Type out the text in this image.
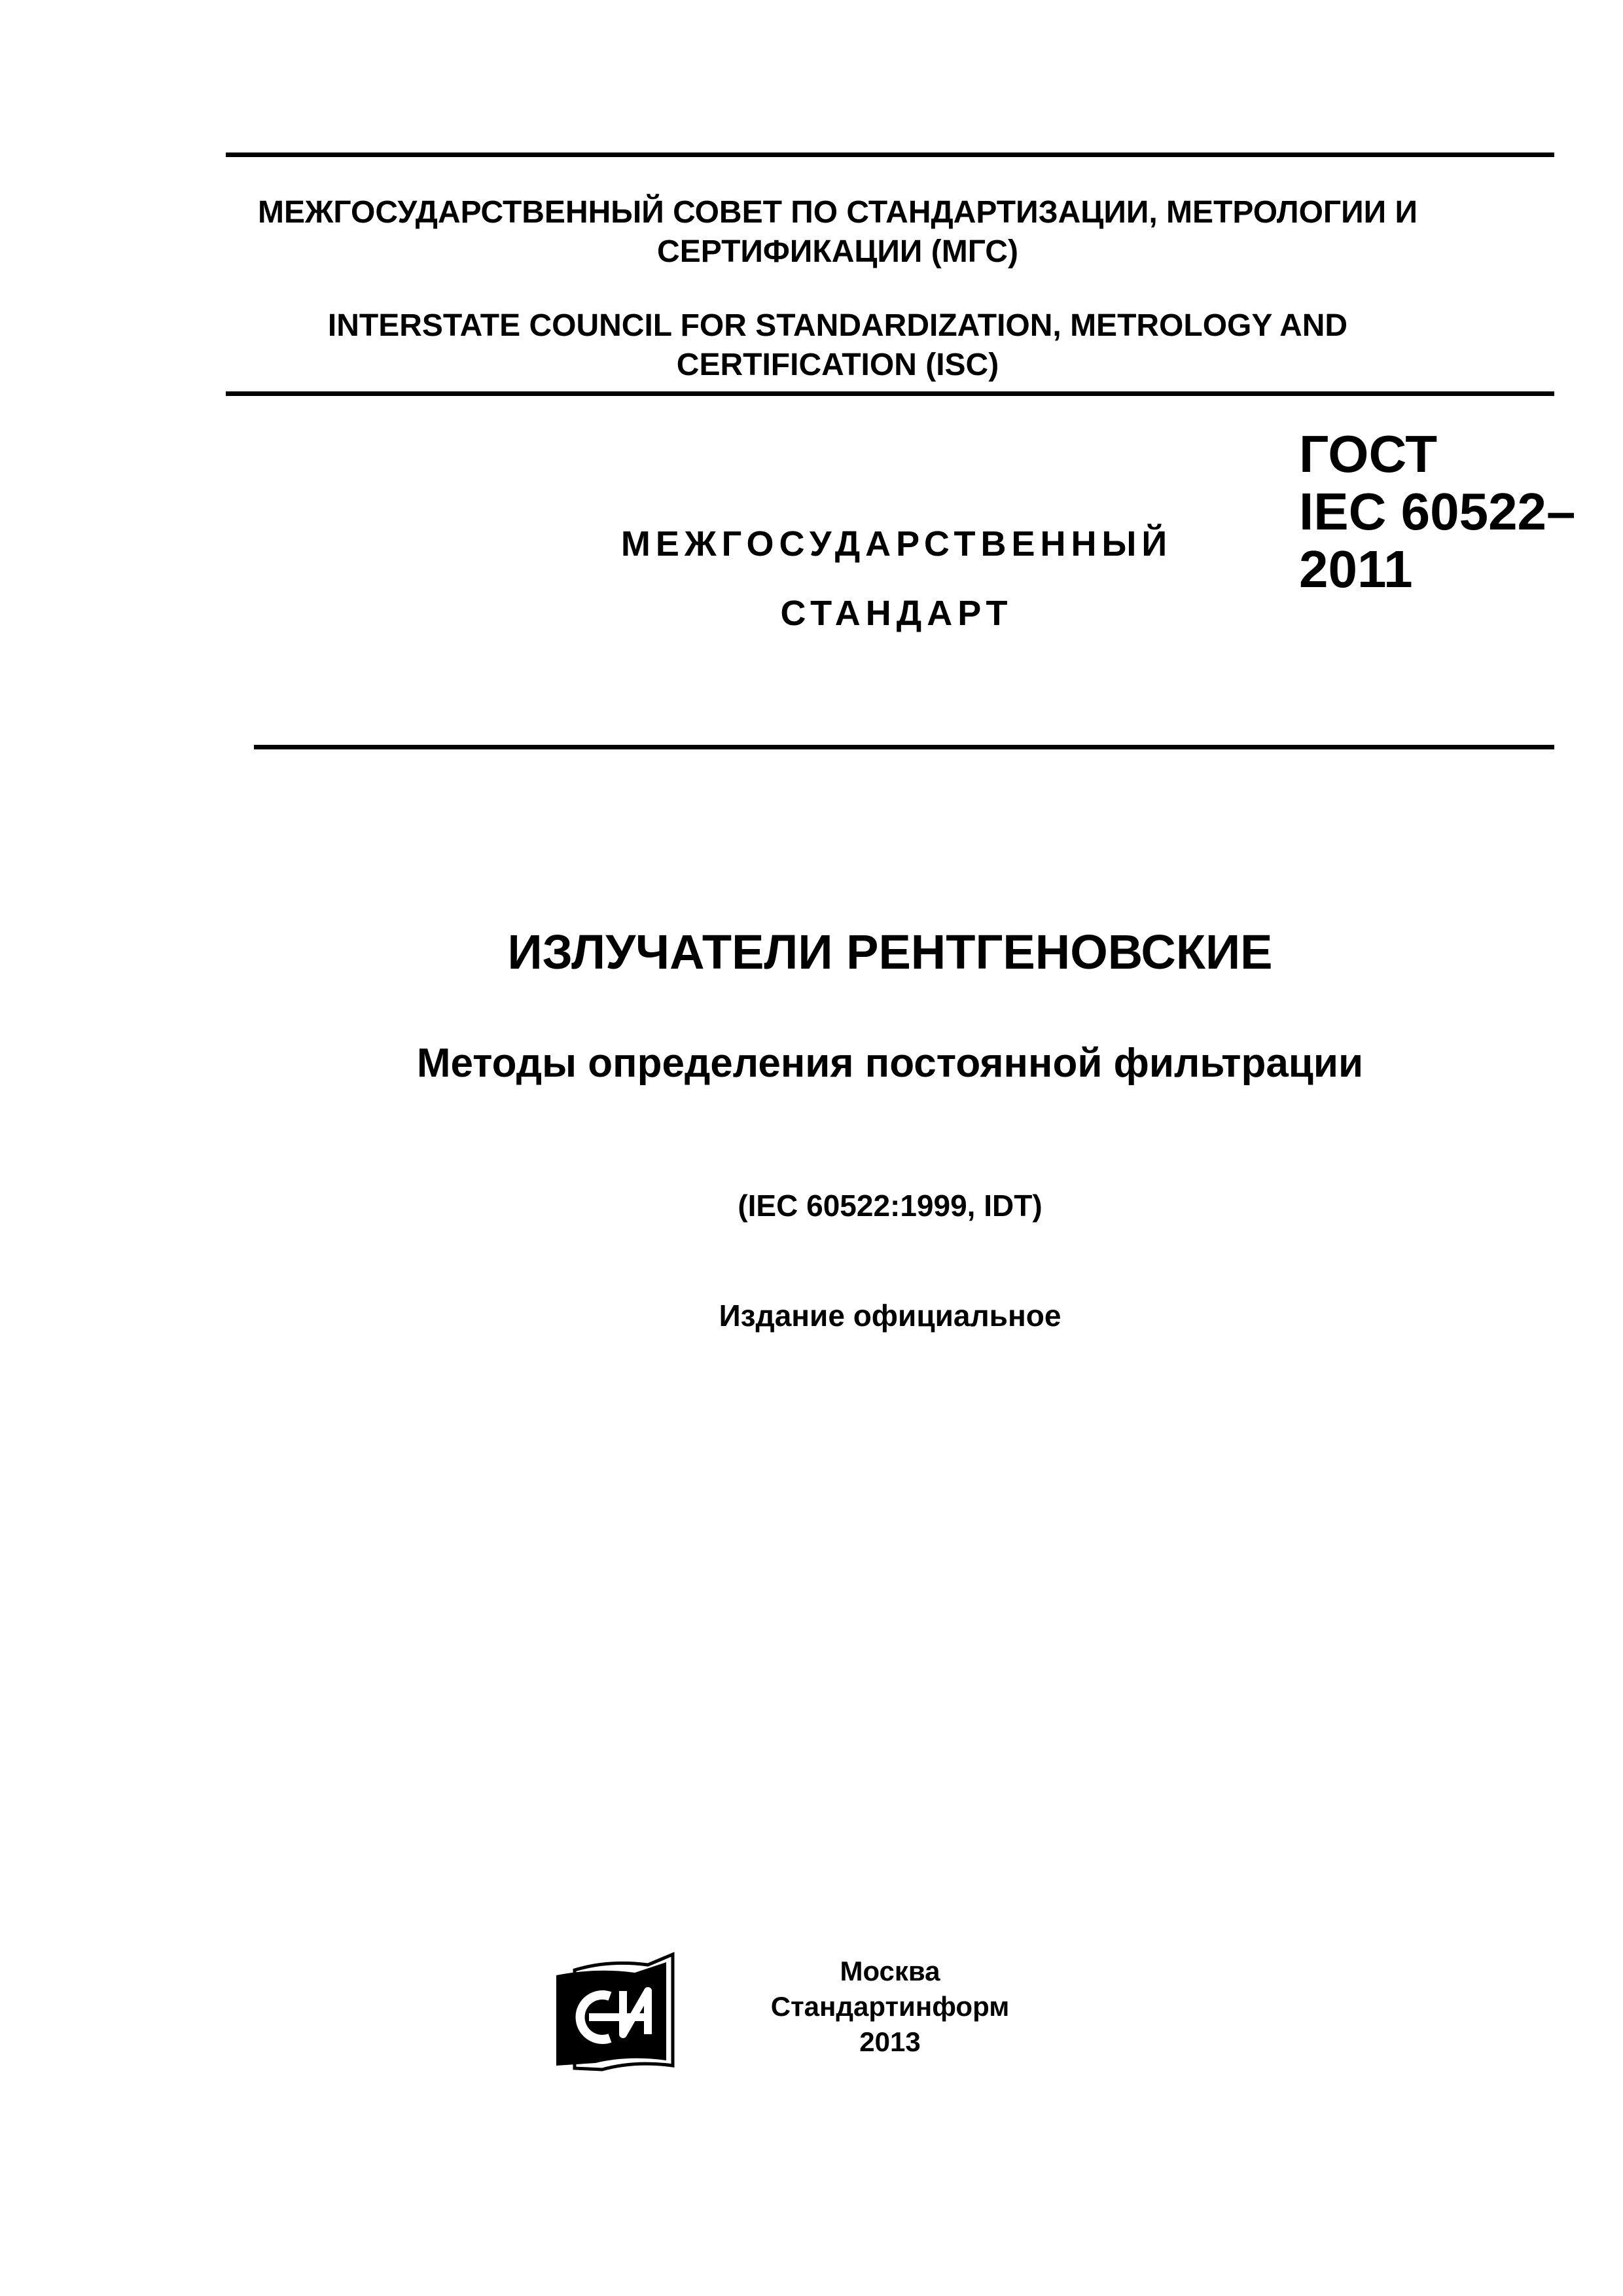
МЕЖГОСУДАРСТВЕННЫЙ СОВЕТ ПО СТАНДАРТИЗАЦИИ, МЕТРОЛОГИИ И
СЕРТИФИКАЦИИ (МГС)
INTERSTATE COUNCIL FOR STANDARDIZATION, METROLOGY AND
CERTIFICATION (ISC)
МЕЖГОСУДАРСТВЕННЫЙ
СТАНДАРТ
ГОСТ
IEC 60522–
2011
ИЗЛУЧАТЕЛИ РЕНТГЕНОВСКИЕ
Методы определения постоянной фильтрации
(IEC 60522:1999, IDT)
Издание официальное
Москва
Стандартинформ
2013
